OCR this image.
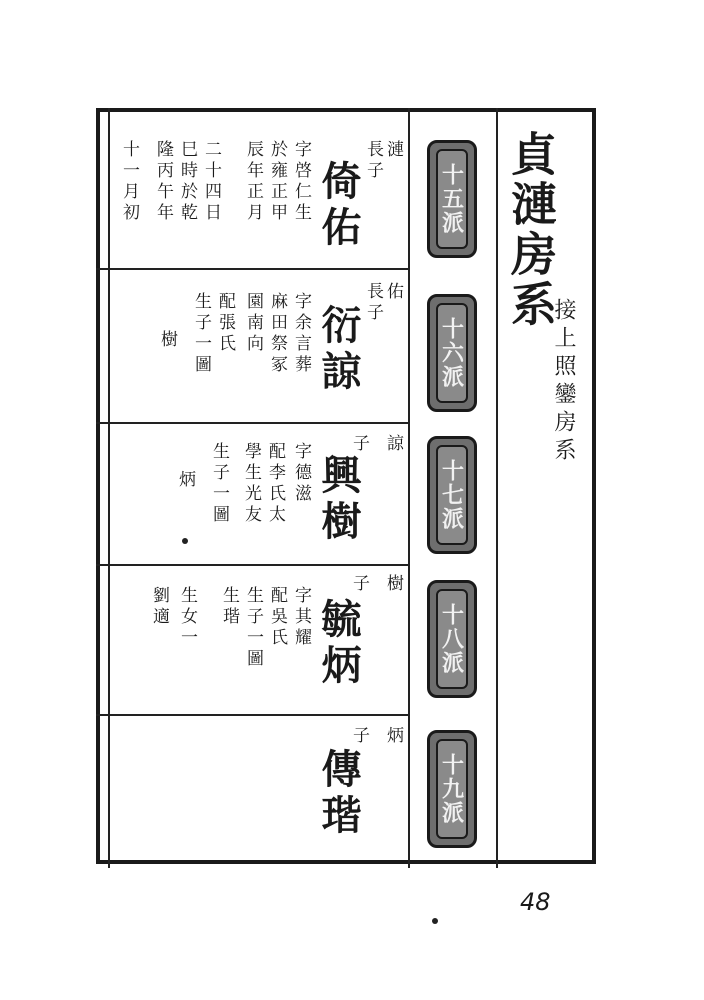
貞漣房系
接上照鑾房系
十五派
十六派
十七派
十八派
十九派
漣
長子
倚佑
字啓仁生
於雍正甲
辰年正月
二十四日
巳時於乾
隆丙午年
十一月初
佑
長子
衍諒
字余言葬
麻田祭冢
園南向
配張氏
生子一圖
樹
諒
子
興樹
字德滋
配李氏太
學生光友
生子一圖
炳
樹
子
毓炳
字其耀
配吳氏
生子一圖
生瑎
生女一
劉適
炳
子
傳瑎
48
